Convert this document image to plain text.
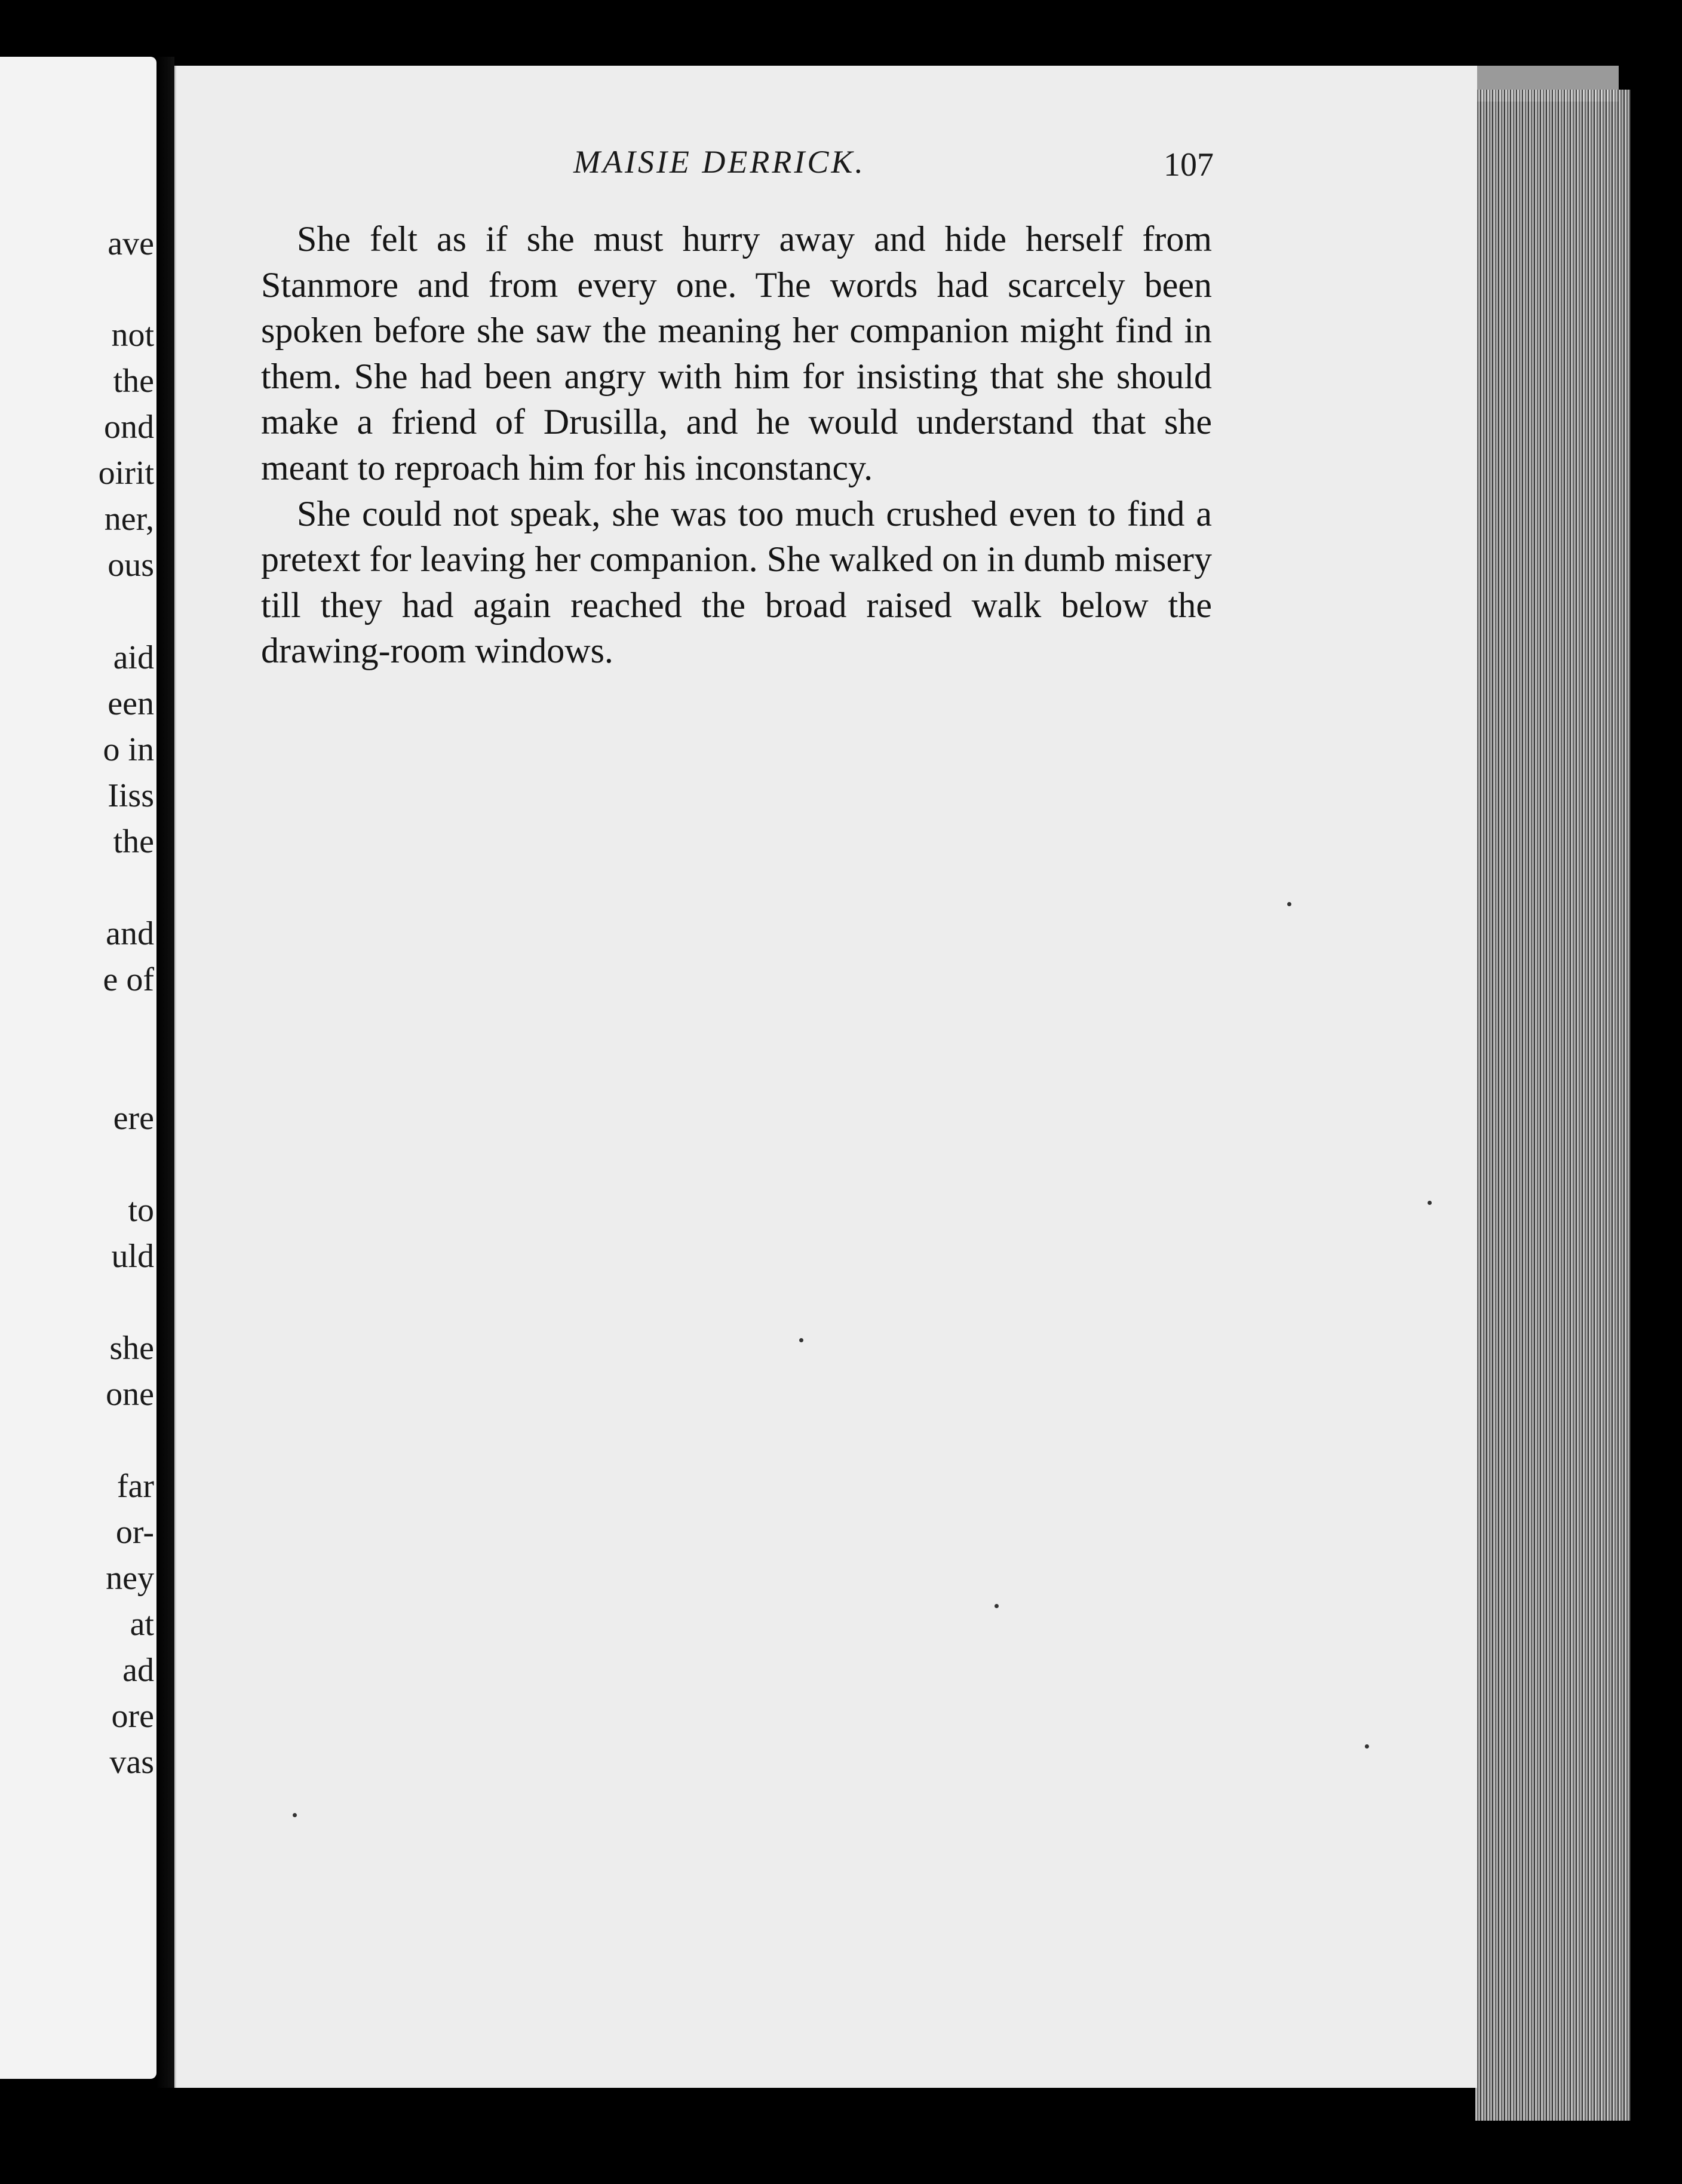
ave
not
the
ond
oirit
ner,
ous
aid
een
o in
Iiss
the
and
e of
ere
to
uld
she
one
far
or-
ney
at
ad
ore
vas
MAISIE DERRICK.	107

She felt as if she must hurry away and hide herself from Stanmore and from every one. The words had scarcely been spoken before she saw the meaning her companion might find in them. She had been angry with him for insisting that she should make a friend of Drusilla, and he would understand that she meant to reproach him for his inconstancy.

She could not speak, she was too much crushed even to find a pretext for leaving her companion. She walked on in dumb misery till they had again reached the broad raised walk below the drawing-room windows.
